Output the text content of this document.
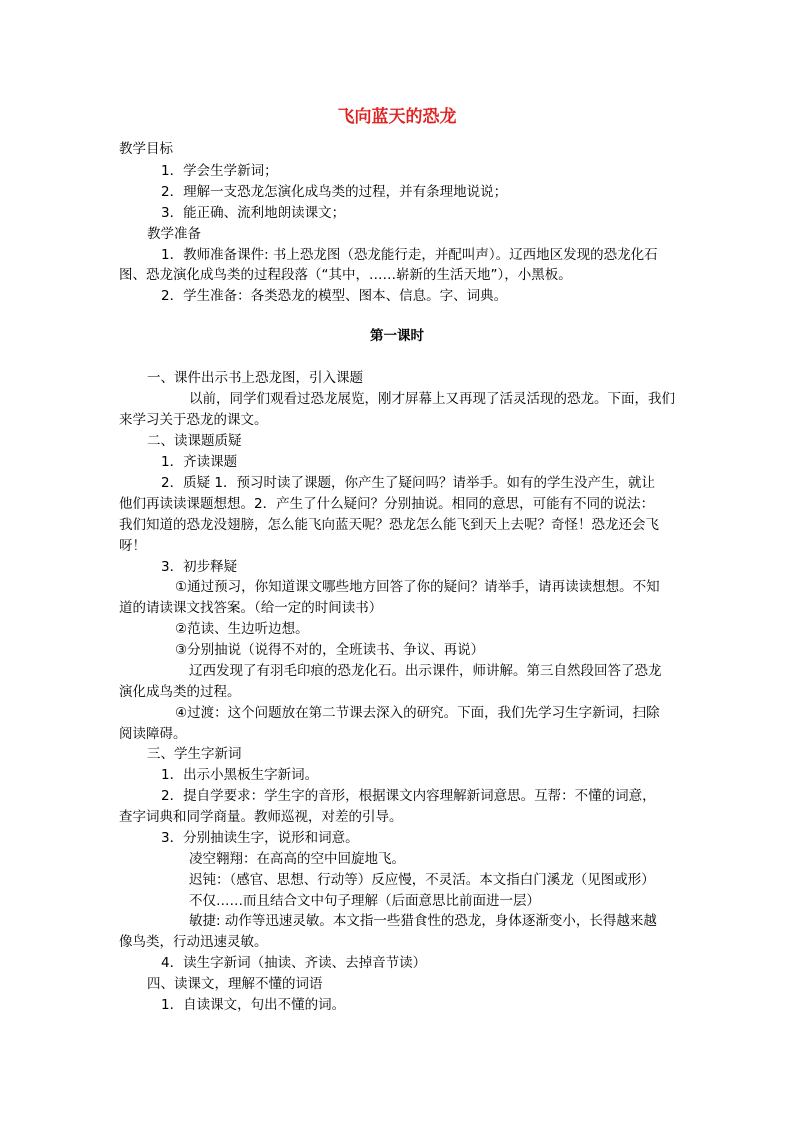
飞向蓝天的恐龙
第一课时
教学目标
1．学会生学新词；
2．理解一支恐龙怎演化成鸟类的过程，并有条理地说说；
3．能正确、流利地朗读课文；
教学准备
1．教师准备课件: 书上恐龙图（恐龙能行走，并配叫声）。辽西地区发现的恐龙化石
图、恐龙演化成鸟类的过程段落（“其中，……崭新的生活天地”），小黑板。
2．学生准备：各类恐龙的模型、图本、信息。字、词典。
一、课件出示书上恐龙图，引入课题
以前，同学们观看过恐龙展览，刚才屏幕上又再现了活灵活现的恐龙。下面，我们
来学习关于恐龙的课文。
二、读课题质疑
1．齐读课题
2．质疑 1．预习时读了课题，你产生了疑问吗？请举手。如有的学生没产生，就让
他们再读读课题想想。2．产生了什么疑问？分别抽说。相同的意思，可能有不同的说法：
我们知道的恐龙没翅膀，怎么能飞向蓝天呢？恐龙怎么能飞到天上去呢？奇怪！恐龙还会飞
呀！
3．初步释疑
①通过预习，你知道课文哪些地方回答了你的疑问？请举手，请再读读想想。不知
道的请读课文找答案。（给一定的时间读书）
②范读、生边听边想。
③分别抽说（说得不对的，全班读书、争议、再说）
辽西发现了有羽毛印痕的恐龙化石。出示课件，师讲解。第三自然段回答了恐龙
演化成鸟类的过程。
④过渡：这个问题放在第二节课去深入的研究。下面，我们先学习生字新词，扫除
阅读障碍。
三、学生字新词
1．出示小黑板生字新词。
2．提自学要求：学生字的音形，根据课文内容理解新词意思。互帮：不懂的词意，
查字词典和同学商量。教师巡视，对差的引导。
3．分别抽读生字，说形和词意。
凌空翱翔：在高高的空中回旋地飞。
迟钝：（感官、思想、行动等）反应慢，不灵活。本文指白门溪龙（见图或形）
不仅……而且结合文中句子理解（后面意思比前面进一层）
敏捷: 动作等迅速灵敏。本文指一些猎食性的恐龙，身体逐渐变小，长得越来越
像鸟类，行动迅速灵敏。
4．读生字新词（抽读、齐读、去掉音节读）
四、读课文，理解不懂的词语
1．自读课文，句出不懂的词。
